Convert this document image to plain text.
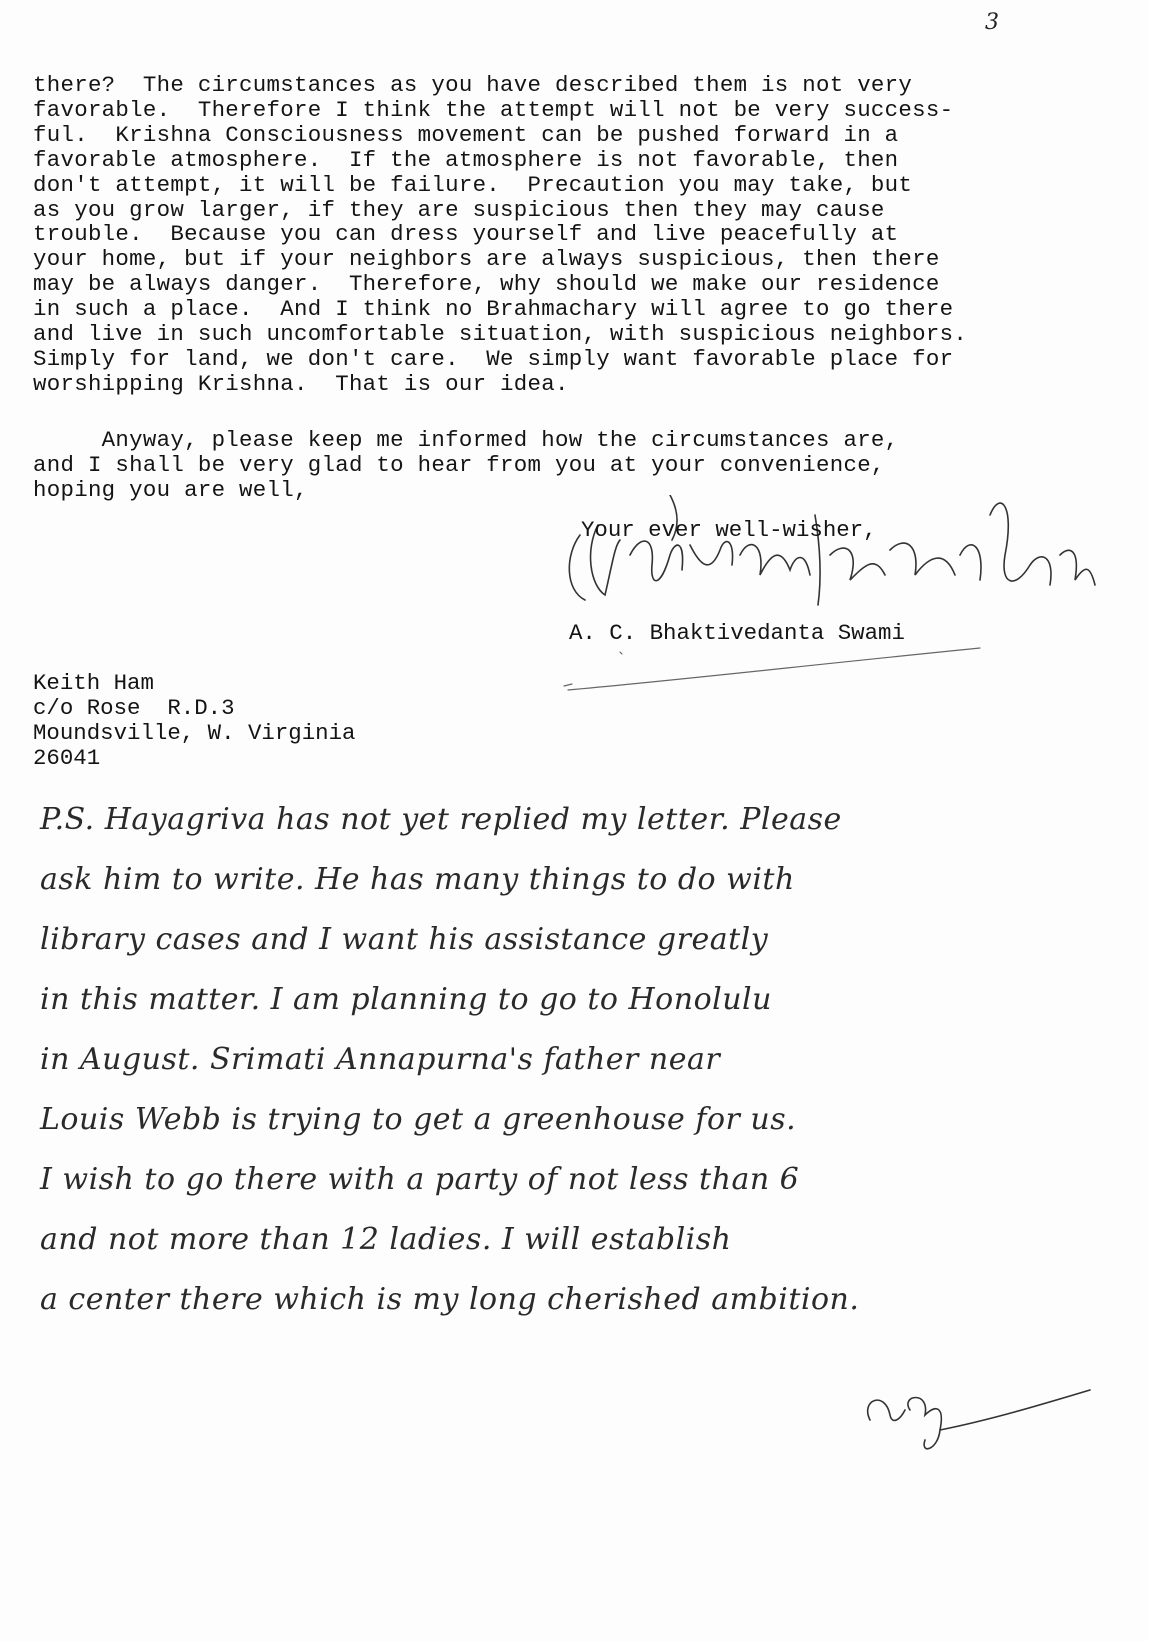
3
there?  The circumstances as you have described them is not very
favorable.  Therefore I think the attempt will not be very success-
ful.  Krishna Consciousness movement can be pushed forward in a
favorable atmosphere.  If the atmosphere is not favorable, then
don't attempt, it will be failure.  Precaution you may take, but
as you grow larger, if they are suspicious then they may cause
trouble.  Because you can dress yourself and live peacefully at
your home, but if your neighbors are always suspicious, then there
may be always danger.  Therefore, why should we make our residence
in such a place.  And I think no Brahmachary will agree to go there
and live in such uncomfortable situation, with suspicious neighbors.
Simply for land, we don't care.  We simply want favorable place for
worshipping Krishna.  That is our idea.
Anyway, please keep me informed how the circumstances are,
and I shall be very glad to hear from you at your convenience,
hoping you are well,
Your ever well-wisher,
A. C. Bhaktivedanta Swami
Keith Ham
c/o Rose  R.D.3
Moundsville, W. Virginia
26041
P.S. Hayagriva has not yet replied my letter. Please
ask him to write. He has many things to do with
library cases and I want his assistance greatly
in this matter. I am planning to go to Honolulu
in August. Srimati Annapurna's father near
Louis Webb is trying to get a greenhouse for us.
I wish to go there with a party of not less than 6
and not more than 12 ladies. I will establish
a center there which is my long cherished ambition.
